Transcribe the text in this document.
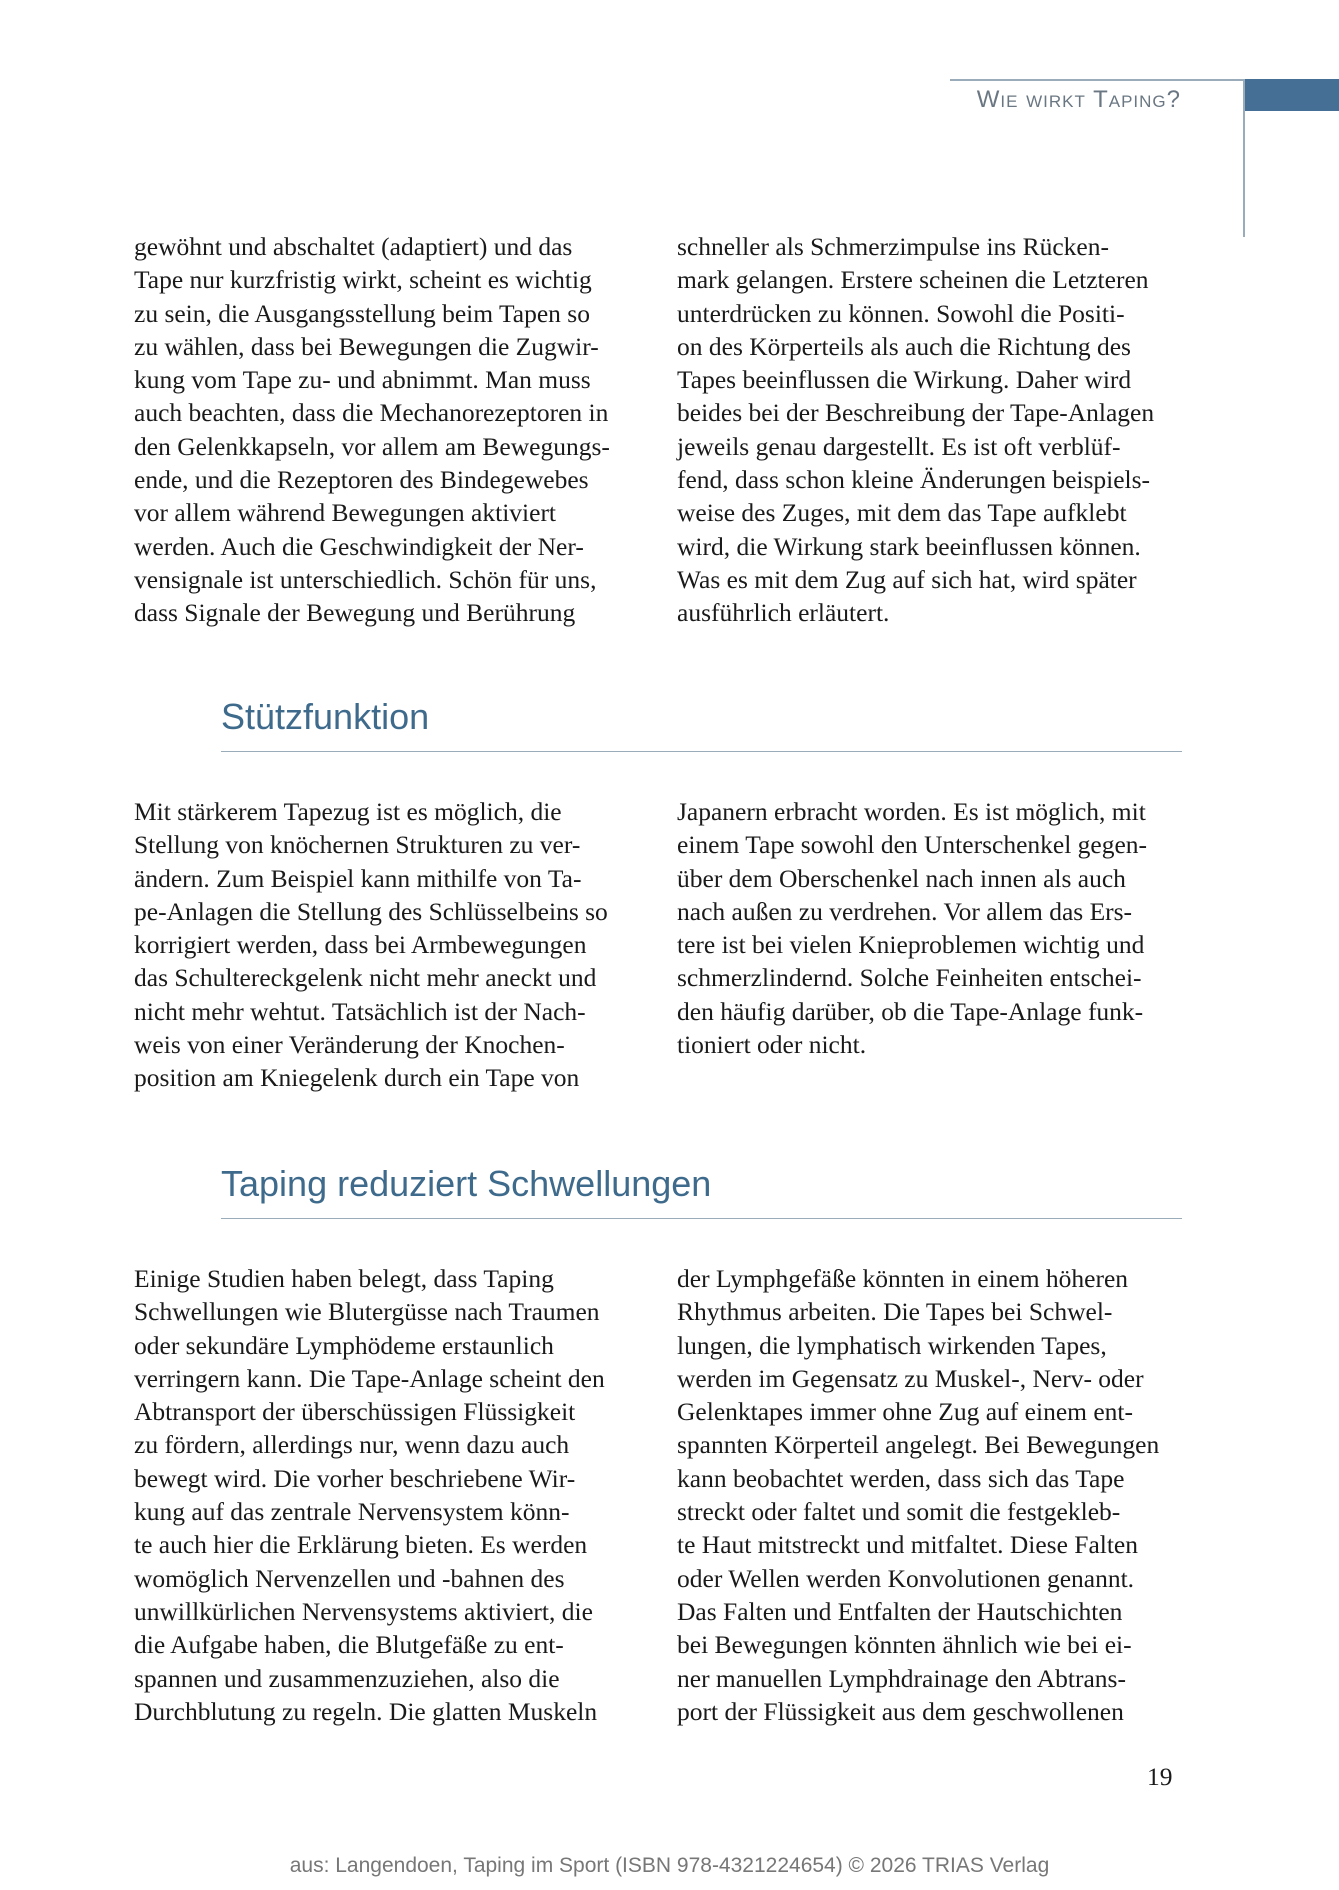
Wie wirkt Taping?

gewöhnt und abschaltet (adaptiert) und das
Tape nur kurzfristig wirkt, scheint es wichtig
zu sein, die Ausgangsstellung beim Tapen so
zu wählen, dass bei Bewegungen die Zugwir-
kung vom Tape zu- und abnimmt. Man muss
auch beachten, dass die Mechanorezeptoren in
den Gelenkkapseln, vor allem am Bewegungs-
ende, und die Rezeptoren des Bindegewebes
vor allem während Bewegungen aktiviert
werden. Auch die Geschwindigkeit der Ner-
vensignale ist unterschiedlich. Schön für uns,
dass Signale der Bewegung und Berührung

schneller als Schmerzimpulse ins Rücken-
mark gelangen. Erstere scheinen die Letzteren
unterdrücken zu können. Sowohl die Positi-
on des Körperteils als auch die Richtung des
Tapes beeinflussen die Wirkung. Daher wird
beides bei der Beschreibung der Tape-Anlagen
jeweils genau dargestellt. Es ist oft verblüf-
fend, dass schon kleine Änderungen beispiels-
weise des Zuges, mit dem das Tape aufklebt
wird, die Wirkung stark beeinflussen können.
Was es mit dem Zug auf sich hat, wird später
ausführlich erläutert.

Stützfunktion

Mit stärkerem Tapezug ist es möglich, die
Stellung von knöchernen Strukturen zu ver-
ändern. Zum Beispiel kann mithilfe von Ta-
pe-Anlagen die Stellung des Schlüsselbeins so
korrigiert werden, dass bei Armbewegungen
das Schultereckgelenk nicht mehr aneckt und
nicht mehr wehtut. Tatsächlich ist der Nach-
weis von einer Veränderung der Knochen-
position am Kniegelenk durch ein Tape von

Japanern erbracht worden. Es ist möglich, mit
einem Tape sowohl den Unterschenkel gegen-
über dem Oberschenkel nach innen als auch
nach außen zu verdrehen. Vor allem das Ers-
tere ist bei vielen Knieproblemen wichtig und
schmerzlindernd. Solche Feinheiten entschei-
den häufig darüber, ob die Tape-Anlage funk-
tioniert oder nicht.

Taping reduziert Schwellungen

Einige Studien haben belegt, dass Taping
Schwellungen wie Blutergüsse nach Traumen
oder sekundäre Lymphödeme erstaunlich
verringern kann. Die Tape-Anlage scheint den
Abtransport der überschüssigen Flüssigkeit
zu fördern, allerdings nur, wenn dazu auch
bewegt wird. Die vorher beschriebene Wir-
kung auf das zentrale Nervensystem könn-
te auch hier die Erklärung bieten. Es werden
womöglich Nervenzellen und -bahnen des
unwillkürlichen Nervensystems aktiviert, die
die Aufgabe haben, die Blutgefäße zu ent-
spannen und zusammenzuziehen, also die
Durchblutung zu regeln. Die glatten Muskeln

der Lymphgefäße könnten in einem höheren
Rhythmus arbeiten. Die Tapes bei Schwel-
lungen, die lymphatisch wirkenden Tapes,
werden im Gegensatz zu Muskel-, Nerv- oder
Gelenktapes immer ohne Zug auf einem ent-
spannten Körperteil angelegt. Bei Bewegungen
kann beobachtet werden, dass sich das Tape
streckt oder faltet und somit die festgekleb-
te Haut mitstreckt und mitfaltet. Diese Falten
oder Wellen werden Konvolutionen genannt.
Das Falten und Entfalten der Hautschichten
bei Bewegungen könnten ähnlich wie bei ei-
ner manuellen Lymphdrainage den Abtrans-
port der Flüssigkeit aus dem geschwollenen

19
aus: Langendoen, Taping im Sport (ISBN 978-4321224654) © 2026 TRIAS Verlag
